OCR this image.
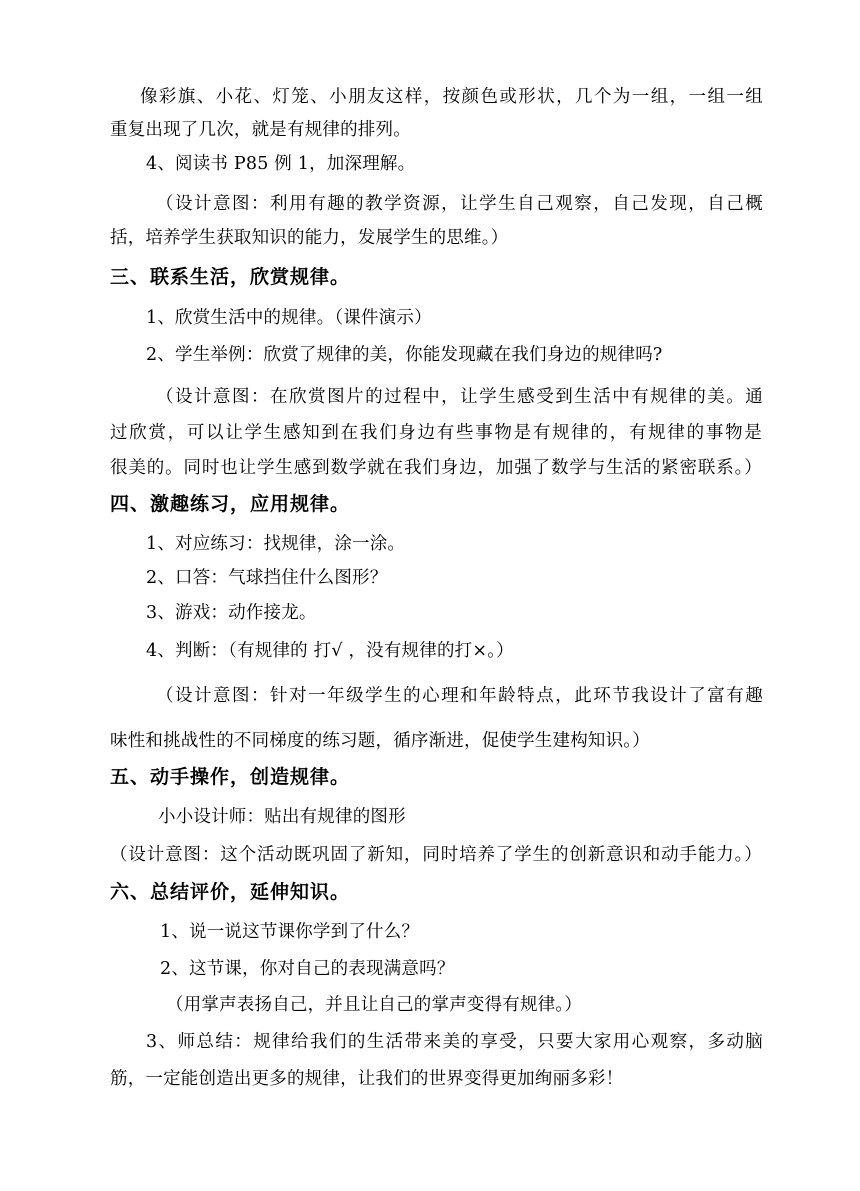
像彩旗、小花、灯笼、小朋友这样，按颜色或形状，几个为一组，一组一组
重复出现了几次，就是有规律的排列。
4、阅读书 P85 例 1，加深理解。
（设计意图：利用有趣的教学资源，让学生自己观察，自己发现，自己概
括，培养学生获取知识的能力，发展学生的思维。）
三、联系生活，欣赏规律。
1、欣赏生活中的规律。（课件演示）
2、学生举例：欣赏了规律的美，你能发现藏在我们身边的规律吗?
（设计意图：在欣赏图片的过程中，让学生感受到生活中有规律的美。通
过欣赏，可以让学生感知到在我们身边有些事物是有规律的，有规律的事物是
很美的。同时也让学生感到数学就在我们身边，加强了数学与生活的紧密联系。）
四、激趣练习，应用规律。
1、对应练习：找规律，涂一涂。
2、口答：气球挡住什么图形？
3、游戏：动作接龙。
4、判断：（有规律的 打√ ，没有规律的打×。）
（设计意图：针对一年级学生的心理和年龄特点，此环节我设计了富有趣
味性和挑战性的不同梯度的练习题，循序渐进，促使学生建构知识。）
五、动手操作，创造规律。
小小设计师：贴出有规律的图形
（设计意图：这个活动既巩固了新知，同时培养了学生的创新意识和动手能力。）
六、总结评价，延伸知识。
1、说一说这节课你学到了什么？
2、这节课，你对自己的表现满意吗？
（用掌声表扬自己，并且让自己的掌声变得有规律。）
3、师总结：规律给我们的生活带来美的享受，只要大家用心观察，多动脑
筋，一定能创造出更多的规律，让我们的世界变得更加绚丽多彩！
